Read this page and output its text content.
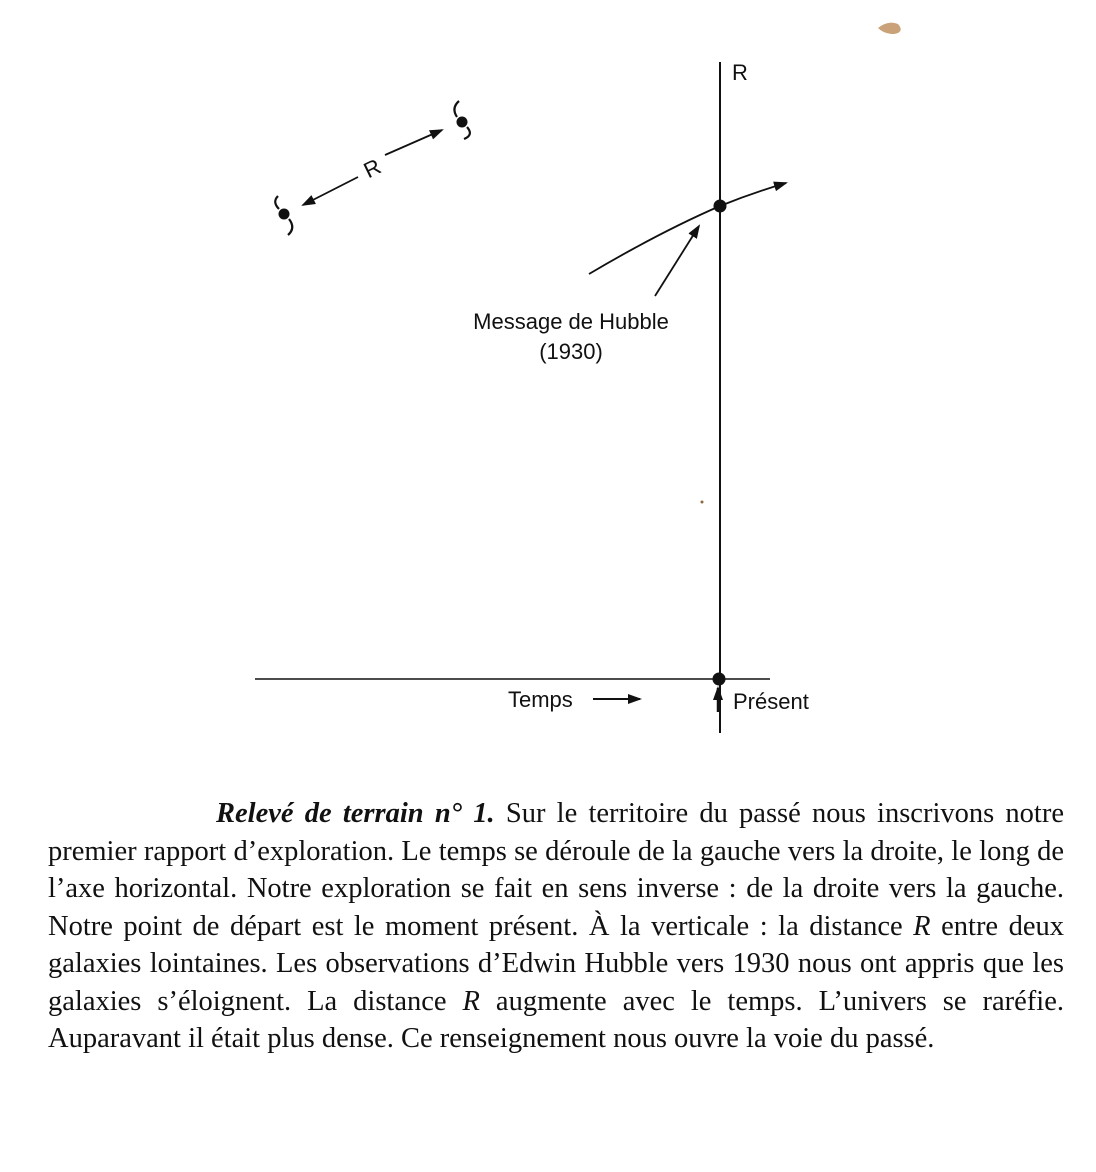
R
Temps	Présent
Message de Hubble
(1930)
R

Relevé de terrain n° 1. Sur le territoire du passé nous inscrivons notre premier rapport d’exploration. Le temps se déroule de la gauche vers la droite, le long de l’axe horizontal. Notre exploration se fait en sens inverse : de la droite vers la gauche. Notre point de départ est le moment présent. À la verticale : la distance R entre deux galaxies lointaines. Les observations d’Edwin Hubble vers 1930 nous ont appris que les galaxies s’éloignent. La distance R augmente avec le temps. L’univers se raréfie. Auparavant il était plus dense. Ce renseignement nous ouvre la voie du passé.
